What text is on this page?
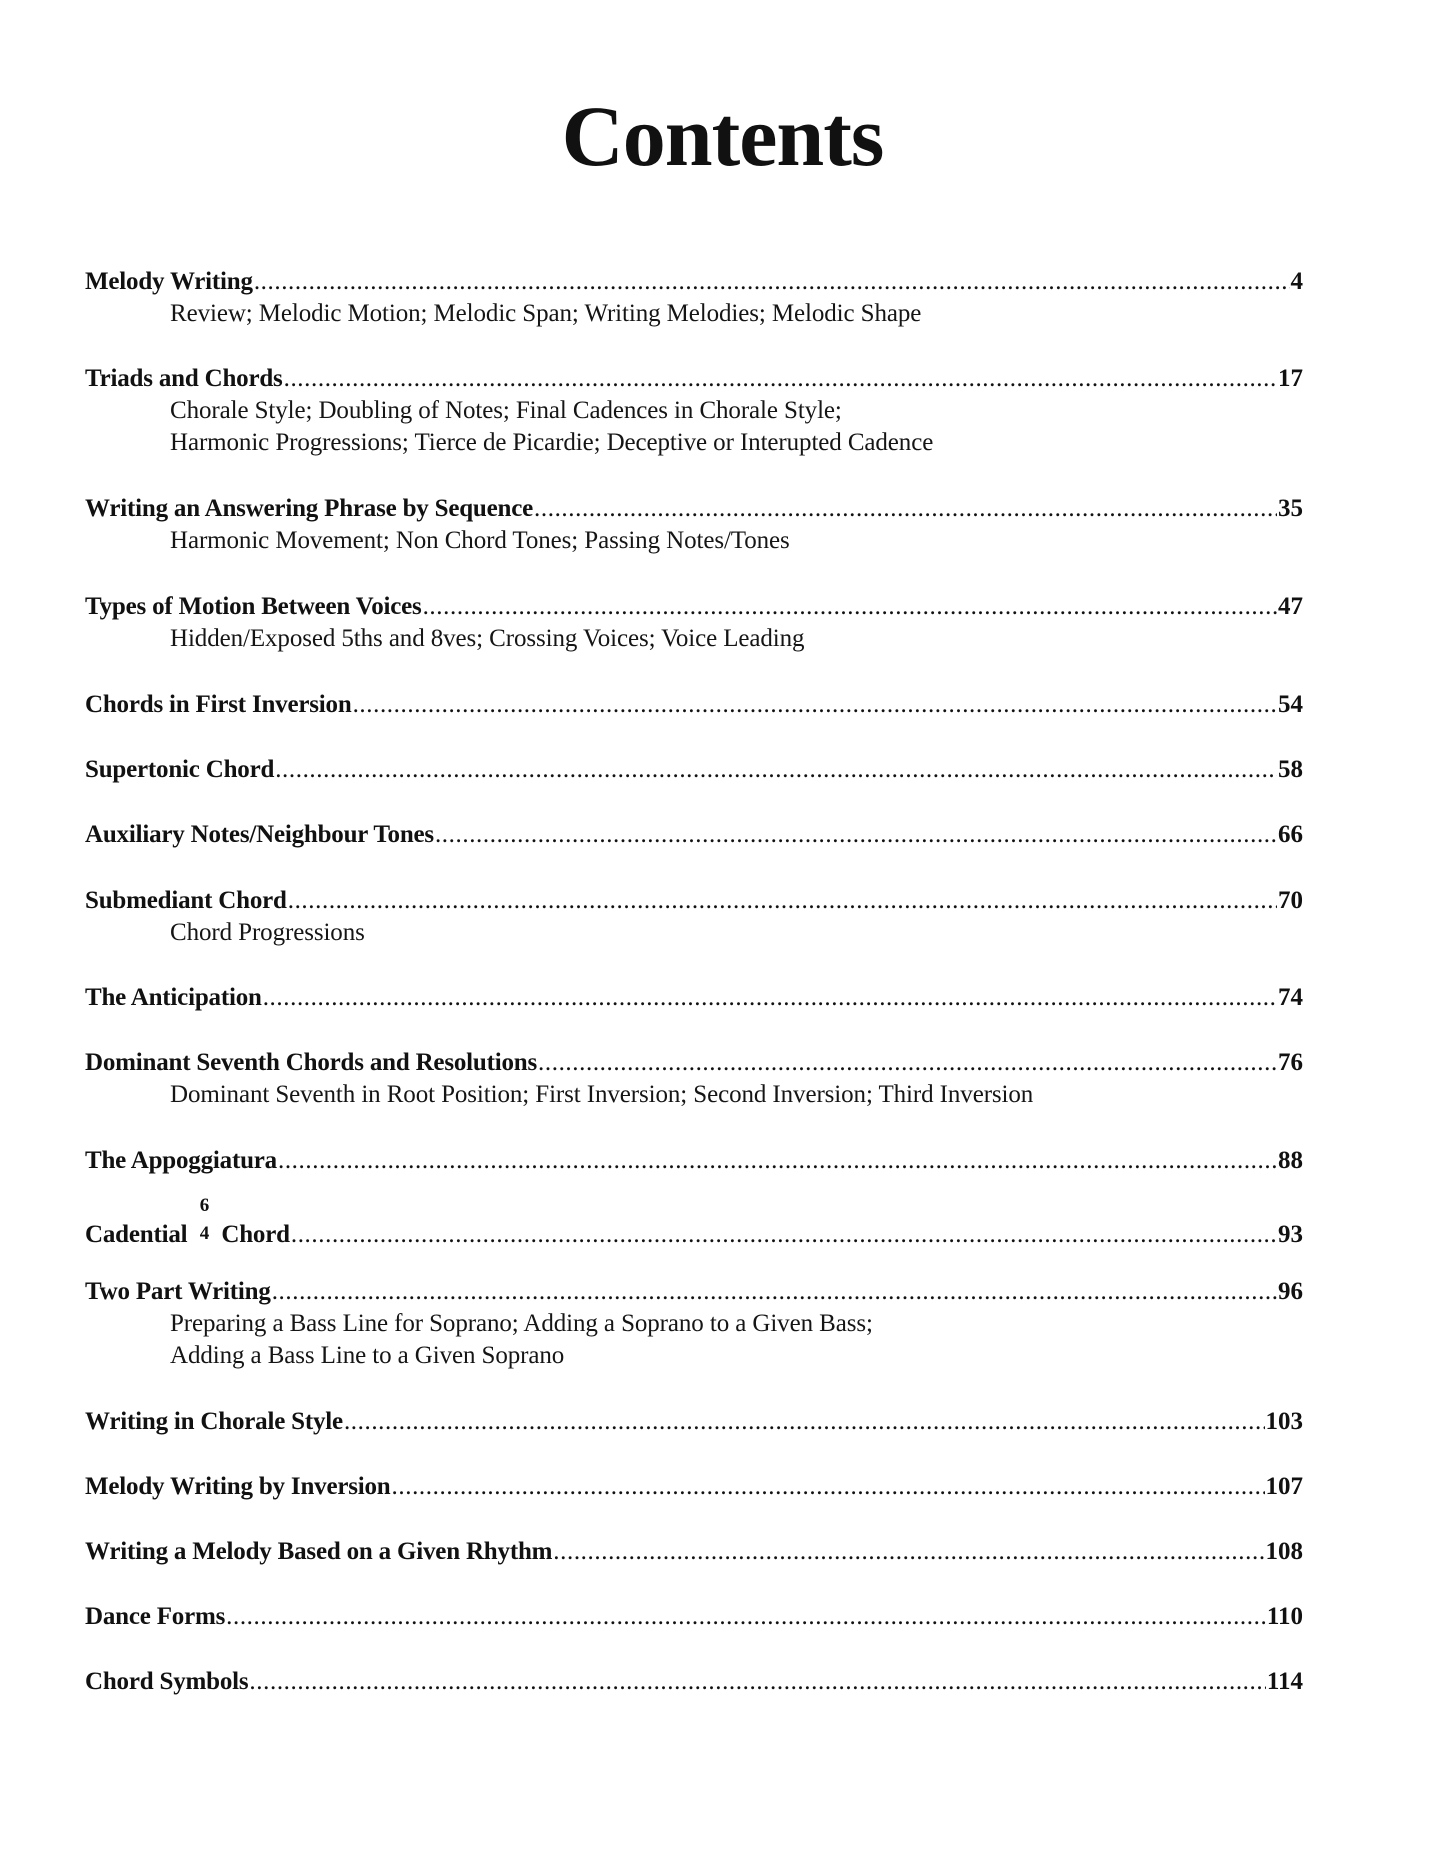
Contents
Melody Writing .....	4
Review; Melodic Motion; Melodic Span; Writing Melodies; Melodic Shape
Triads and Chords .....	17
Chorale Style; Doubling of Notes; Final Cadences in Chorale Style;
Harmonic Progressions; Tierce de Picardie; Deceptive or Interupted Cadence
Writing an Answering Phrase by Sequence .....	35
Harmonic Movement; Non Chord Tones; Passing Notes/Tones
Types of Motion Between Voices .....	47
Hidden/Exposed 5ths and 8ves; Crossing Voices; Voice Leading
Chords in First Inversion .....	54
Supertonic Chord .....	58
Auxiliary Notes/Neighbour Tones .....	66
Submediant Chord .....	70
Chord Progressions
The Anticipation .....	74
Dominant Seventh Chords and Resolutions .....	76
Dominant Seventh in Root Position; First Inversion; Second Inversion; Third Inversion
The Appoggiatura .....	88
Cadential
6
4 Chord .....	93
Two Part Writing .....	96
Preparing a Bass Line for Soprano; Adding a Soprano to a Given Bass;
Adding a Bass Line to a Given Soprano
Writing in Chorale Style .....	103
Melody Writing by Inversion .....	107
Writing a Melody Based on a Given Rhythm .....	108
Dance Forms .....	110
Chord Symbols .....	114
